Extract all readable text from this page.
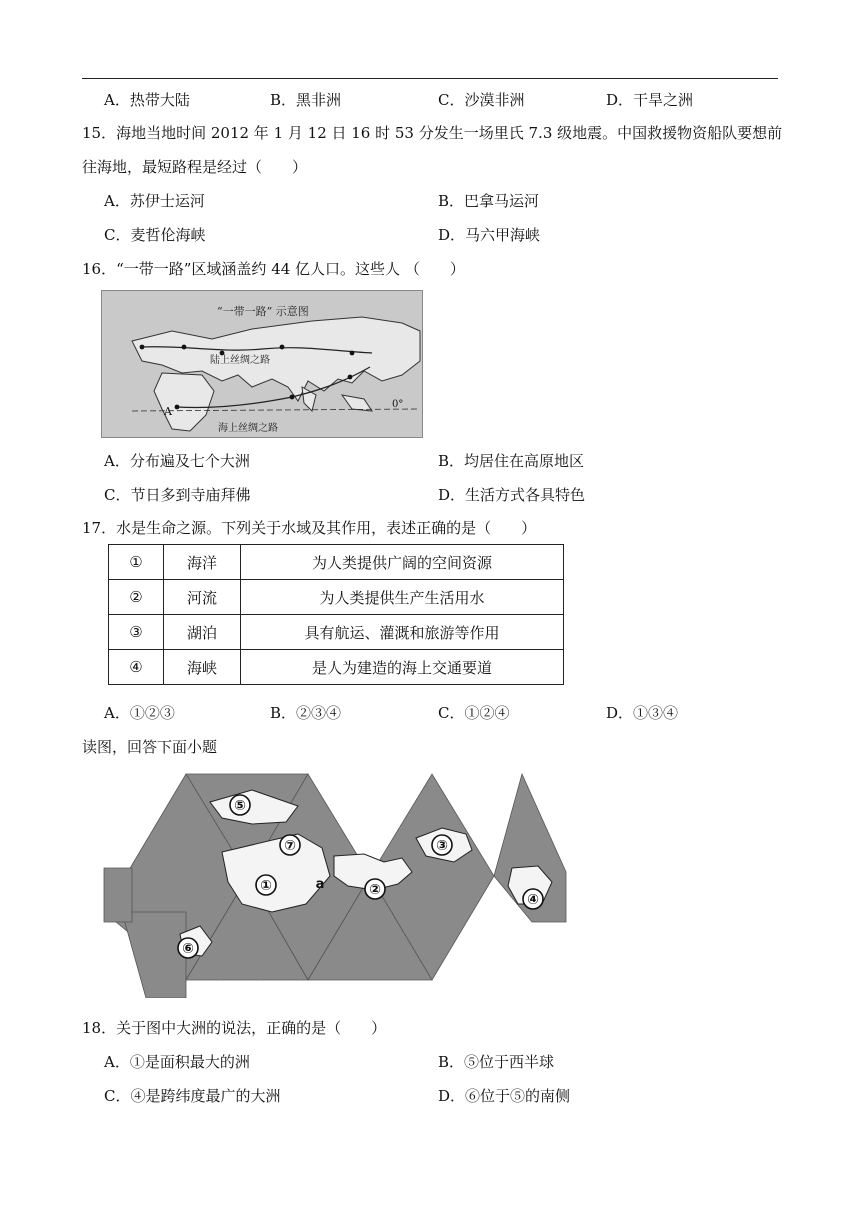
A．热带大陆	B．黑非洲	C．沙漠非洲	D．干旱之洲
15．海地当地时间 2012 年 1 月 12 日 16 时 53 分发生一场里氏 7.3 级地震。中国救援物资船队要想前
往海地，最短路程是经过（　　）
A．苏伊士运河	B．巴拿马运河
C．麦哲伦海峡	D．马六甲海峡
16．“一带一路”区域涵盖约 44 亿人口。这些人 （　　）
“一带一路” 示意图
陆上丝绸之路
海上丝绸之路
A
0°
A．分布遍及七个大洲	B．均居住在高原地区
C．节日多到寺庙拜佛	D．生活方式各具特色
17．水是生命之源。下列关于水域及其作用，表述正确的是（　　）
①	海洋	为人类提供广阔的空间资源
②	河流	为人类提供生产生活用水
③	湖泊	具有航运、灌溉和旅游等作用
④	海峡	是人为建造的海上交通要道
A．①②③	B．②③④	C．①②④	D．①③④
读图，回答下面小题
⑤
⑦
①	a	②
③
④
⑥
18．关于图中大洲的说法，正确的是（　　）
A．①是面积最大的洲	B．⑤位于西半球
C．④是跨纬度最广的大洲	D．⑥位于⑤的南侧
